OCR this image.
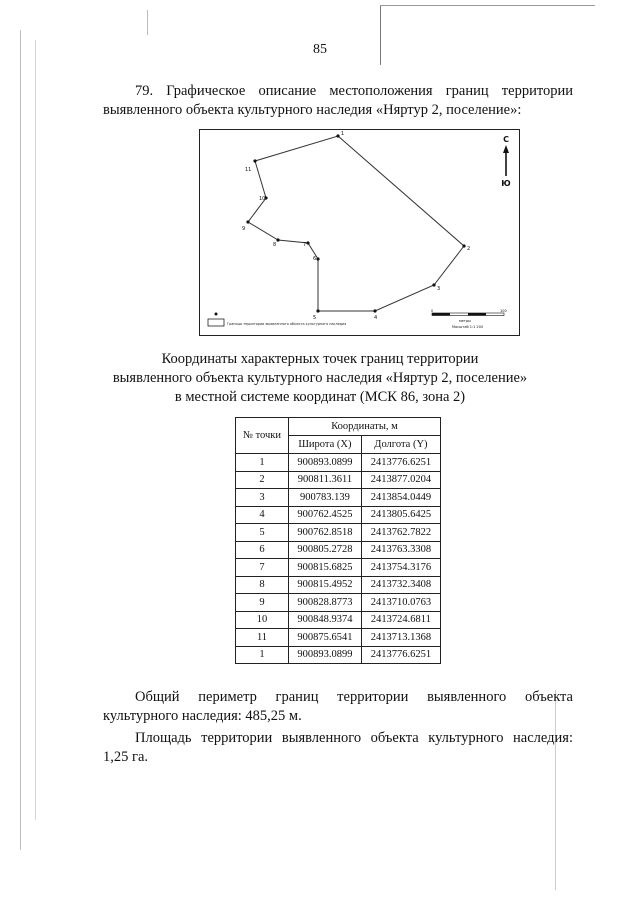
85
79. Графическое описание местоположения границ территории
выявленного объекта культурного наследия «Няртур 2, поселение»:
1
2
3
4
5
6
7
8
9
10
11
С
Ю
Граница территории выявленного объекта культурного наследия
0	100
метры
Масштаб 1:1 200
Координаты характерных точек границ территории
выявленного объекта культурного наследия «Няртур 2, поселение»
в местной системе координат (МСК 86, зона 2)
№ точки	Координаты, м	
	Широта (X)	Долгота (Y)
1	900893.0899	2413776.6251
2	900811.3611	2413877.0204
3	900783.139	2413854.0449
4	900762.4525	2413805.6425
5	900762.8518	2413762.7822
6	900805.2728	2413763.3308
7	900815.6825	2413754.3176
8	900815.4952	2413732.3408
9	900828.8773	2413710.0763
10	900848.9374	2413724.6811
11	900875.6541	2413713.1368
1	900893.0899	2413776.6251
Общий периметр границ территории выявленного объекта
культурного наследия: 485,25 м.
Площадь территории выявленного объекта культурного наследия:
1,25 га.
